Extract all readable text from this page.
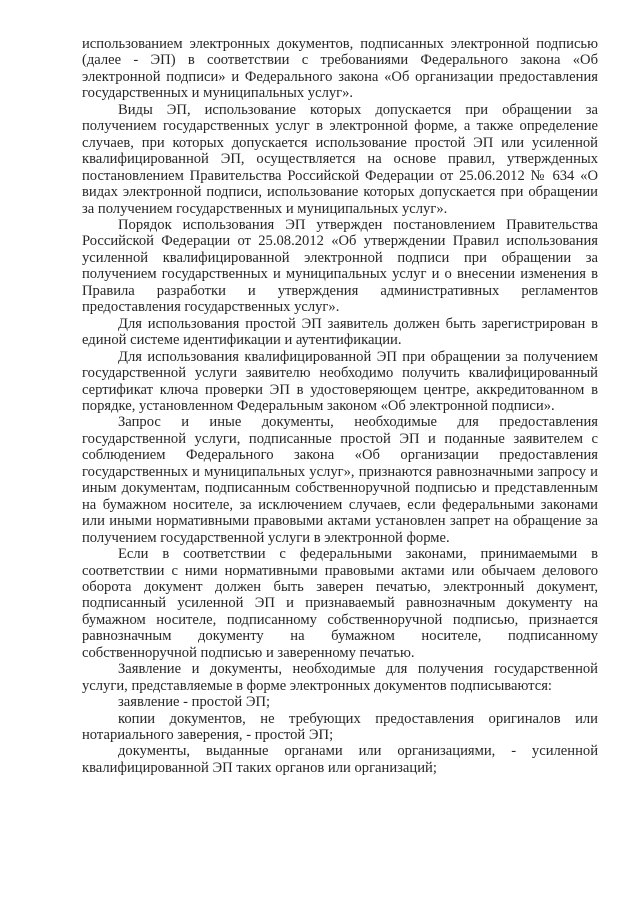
использованием электронных документов, подписанных электронной подписью (далее - ЭП) в соответствии с требованиями Федерального закона «Об электронной подписи» и Федерального закона «Об организации предоставления государственных и муниципальных услуг».

Виды ЭП, использование которых допускается при обращении за получением государственных услуг в электронной форме, а также определение случаев, при которых допускается использование простой ЭП или усиленной квалифицированной ЭП, осуществляется на основе правил, утвержденных постановлением Правительства Российской Федерации от 25.06.2012 № 634 «О видах электронной подписи, использование которых допускается при обращении за получением государственных и муниципальных услуг».

Порядок использования ЭП утвержден постановлением Правительства Российской Федерации от 25.08.2012 «Об утверждении Правил использования усиленной квалифицированной электронной подписи при обращении за получением государственных и муниципальных услуг и о внесении изменения в Правила разработки и утверждения административных регламентов предоставления государственных услуг».

Для использования простой ЭП заявитель должен быть зарегистрирован в единой системе идентификации и аутентификации.

Для использования квалифицированной ЭП при обращении за получением государственной услуги заявителю необходимо получить квалифицированный сертификат ключа проверки ЭП в удостоверяющем центре, аккредитованном в порядке, установленном Федеральным законом «Об электронной подписи».

Запрос и иные документы, необходимые для предоставления государственной услуги, подписанные простой ЭП и поданные заявителем с соблюдением Федерального закона «Об организации предоставления государственных и муниципальных услуг», признаются равнозначными запросу и иным документам, подписанным собственноручной подписью и представленным на бумажном носителе, за исключением случаев, если федеральными законами или иными нормативными правовыми актами установлен запрет на обращение за получением государственной услуги в электронной форме.

Если в соответствии с федеральными законами, принимаемыми в соответствии с ними нормативными правовыми актами или обычаем делового оборота документ должен быть заверен печатью, электронный документ, подписанный усиленной ЭП и признаваемый равнозначным документу на бумажном носителе, подписанному собственноручной подписью, признается равнозначным документу на бумажном носителе, подписанному собственноручной подписью и заверенному печатью.

Заявление и документы, необходимые для получения государственной услуги, представляемые в форме электронных документов подписываются:

заявление - простой ЭП;

копии документов, не требующих предоставления оригиналов или нотариального заверения, - простой ЭП;

документы, выданные органами или организациями, - усиленной квалифицированной ЭП таких органов или организаций;
